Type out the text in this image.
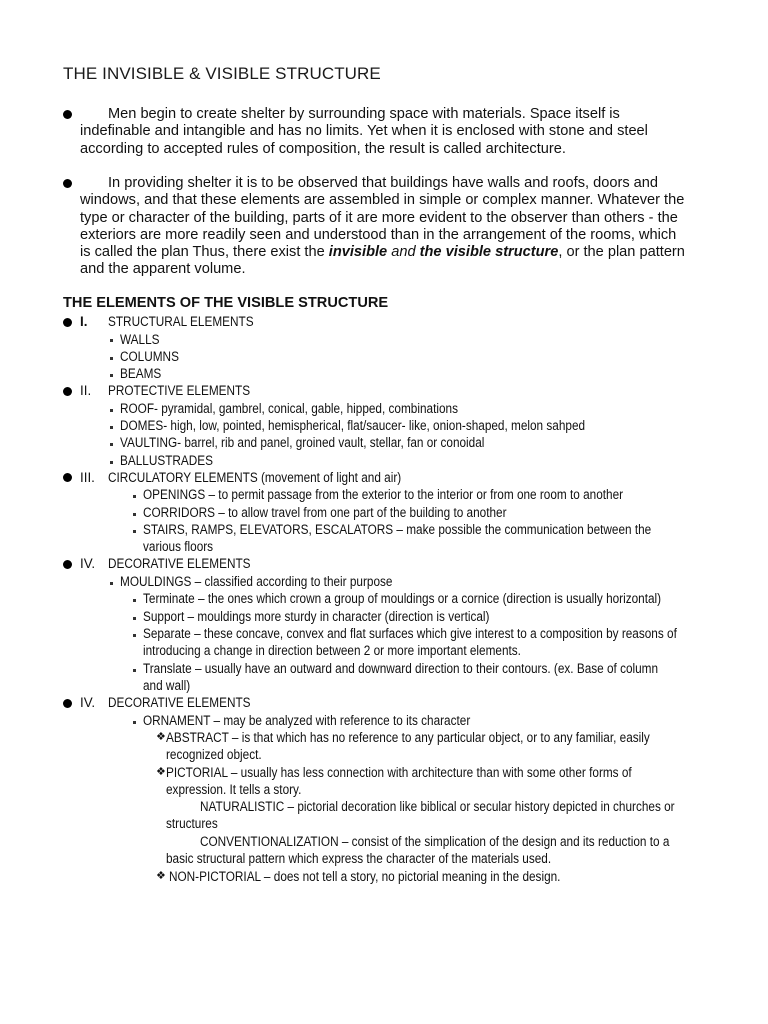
THE INVISIBLE & VISIBLE STRUCTURE
Men begin to create shelter by surrounding space with materials. Space itself is
indefinable and intangible and has no limits. Yet when it is enclosed with stone and steel
according to accepted rules of composition, the result is called architecture.
In providing shelter it is to be observed that buildings have walls and roofs, doors and
windows, and that these elements are assembled in simple or complex manner. Whatever the
type or character of the building, parts of it are more evident to the observer than others - the
exteriors are more readily seen and understood than in the arrangement of the rooms, which
is called the plan Thus, there exist the invisible and the visible structure, or the plan pattern
and the apparent volume.
THE ELEMENTS OF THE VISIBLE STRUCTURE
I. STRUCTURAL ELEMENTS
WALLS
COLUMNS
BEAMS
II. PROTECTIVE ELEMENTS
ROOF- pyramidal, gambrel, conical, gable, hipped, combinations
DOMES- high, low, pointed, hemispherical, flat/saucer- like, onion-shaped, melon sahped
VAULTING- barrel, rib and panel, groined vault, stellar, fan or conoidal
BALLUSTRADES
III. CIRCULATORY ELEMENTS (movement of light and air)
OPENINGS – to permit passage from the exterior to the interior or from one room to another
CORRIDORS – to allow travel from one part of the building to another
STAIRS, RAMPS, ELEVATORS, ESCALATORS – make possible the communication between the
various floors
IV. DECORATIVE ELEMENTS
MOULDINGS – classified according to their purpose
Terminate – the ones which crown a group of mouldings or a cornice (direction is usually horizontal)
Support – mouldings more sturdy in character (direction is vertical)
Separate – these concave, convex and flat surfaces which give interest to a composition by reasons of
introducing a change in direction between 2 or more important elements.
Translate – usually have an outward and downward direction to their contours. (ex. Base of column
and wall)
IV. DECORATIVE ELEMENTS
ORNAMENT – may be analyzed with reference to its character
❖ ABSTRACT – is that which has no reference to any particular object, or to any familiar, easily
recognized object.
❖ PICTORIAL – usually has less connection with architecture than with some other forms of
expression. It tells a story.
NATURALISTIC – pictorial decoration like biblical or secular history depicted in churches or
structures
CONVENTIONALIZATION – consist of the simplication of the design and its reduction to a
basic structural pattern which express the character of the materials used.
❖ NON-PICTORIAL – does not tell a story, no pictorial meaning in the design.
